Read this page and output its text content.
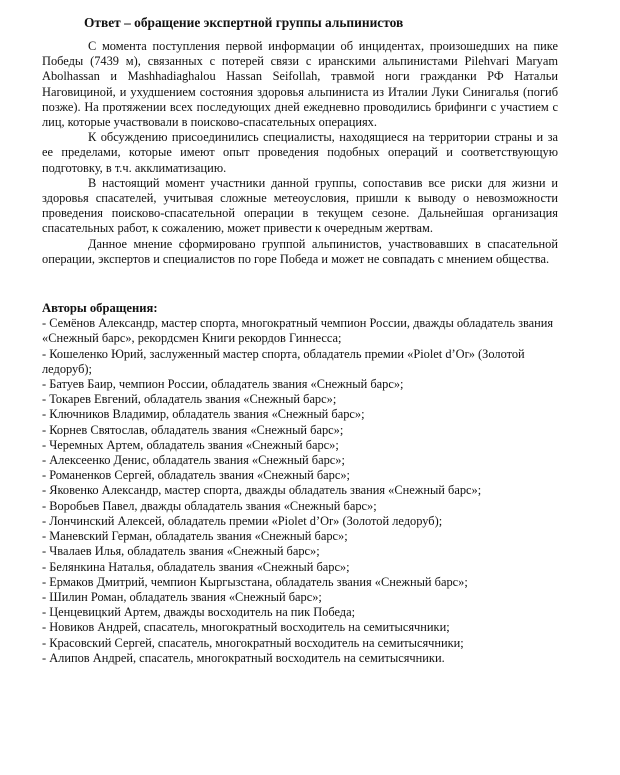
Ответ – обращение экспертной группы альпинистов

С момента поступления первой информации об инцидентах, произошедших на пике Победы (7439 м), связанных с потерей связи с иранскими альпинистами Pilehvari Maryam Abolhassan и Mashhadiaghalou Hassan Seifollah, травмой ноги гражданки РФ Натальи Наговициной, и ухудшением состояния здоровья альпиниста из Италии Луки Синигалья (погиб позже). На протяжении всех последующих дней ежедневно проводились брифинги с участием с лиц, которые участвовали в поисково-спасательных операциях.

К обсуждению присоединились специалисты, находящиеся на территории страны и за ее пределами, которые имеют опыт проведения подобных операций и соответствующую подготовку, в т.ч. акклиматизацию.

В настоящий момент участники данной группы, сопоставив все риски для жизни и здоровья спасателей, учитывая сложные метеоусловия, пришли к выводу о невозможности проведения поисково-спасательной операции в текущем сезоне. Дальнейшая организация спасательных работ, к сожалению, может привести к очередным жертвам.

Данное мнение сформировано группой альпинистов, участвовавших в спасательной операции, экспертов и специалистов по горе Победа и может не совпадать с мнением общества.

Авторы обращения:
- Семёнов Александр, мастер спорта, многократный чемпион России, дважды обладатель звания «Снежный барс», рекордсмен Книги рекордов Гиннесса;
- Кошеленко Юрий, заслуженный мастер спорта, обладатель премии «Piolet d’Or» (Золотой ледоруб);
- Батуев Баир, чемпион России, обладатель звания «Снежный барс»;
- Токарев Евгений, обладатель звания «Снежный барс»;
- Ключников Владимир, обладатель звания «Снежный барс»;
- Корнев Святослав, обладатель звания «Снежный барс»;
- Черемных Артем, обладатель звания «Снежный барс»;
- Алексеенко Денис, обладатель звания «Снежный барс»;
- Романенков Сергей, обладатель звания «Снежный барс»;
- Яковенко Александр, мастер спорта, дважды обладатель звания «Снежный барс»;
- Воробьев Павел, дважды обладатель звания «Снежный барс»;
- Лончинский Алексей, обладатель премии «Piolet d’Or» (Золотой ледоруб);
- Маневский Герман, обладатель звания «Снежный барс»;
- Чвалаев Илья, обладатель звания «Снежный барс»;
- Белянкина Наталья, обладатель звания «Снежный барс»;
- Ермаков Дмитрий, чемпион Кыргызстана, обладатель звания «Снежный барс»;
- Шилин Роман, обладатель звания «Снежный барс»;
- Ценцевицкий Артем, дважды восходитель на пик Победа;
- Новиков Андрей, спасатель, многократный восходитель на семитысячники;
- Красовский Сергей, спасатель, многократный восходитель на семитысячники;
- Алипов Андрей, спасатель, многократный восходитель на семитысячники.
